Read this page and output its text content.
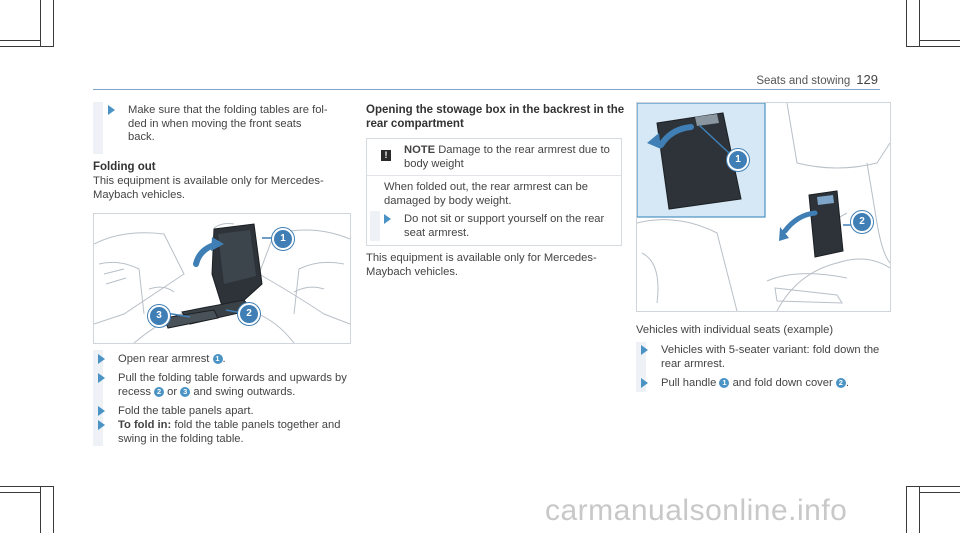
Seats and stowing 129
Make sure that the folding tables are fol-
ded in when moving the front seats
back.
Folding out
This equipment is available only for Mercedes-
Maybach vehicles.
1
2
3
Open rear armrest 1 .
Pull the folding table forwards and upwards by
recess 2 or 3 and swing outwards.
Fold the table panels apart.
To fold in: fold the table panels together and
swing in the folding table.
Opening the stowage box in the backrest in the
rear compartment
!	NOTE Damage to the rear armrest due to
body weight
When folded out, the rear armrest can be
damaged by body weight.
Do not sit or support yourself on the rear
seat armrest.
This equipment is available only for Mercedes-
Maybach vehicles.
1
2
Vehicles with individual seats (example)
Vehicles with 5-seater variant: fold down the
rear armrest.
Pull handle 1 and fold down cover 2 .
carmanualsonline.info
